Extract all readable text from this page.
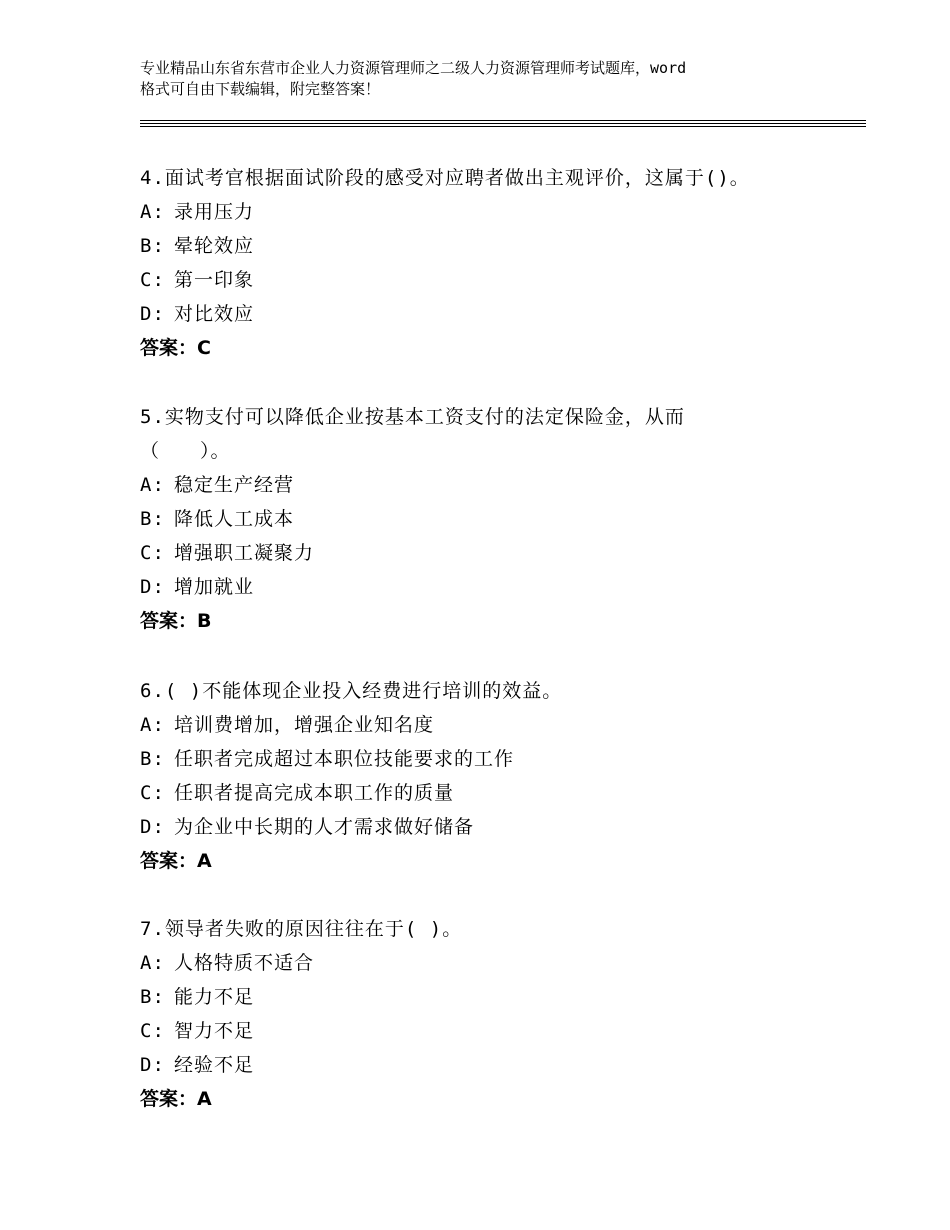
专业精品山东省东营市企业人力资源管理师之二级人力资源管理师考试题库，word
格式可自由下载编辑，附完整答案！
4.面试考官根据面试阶段的感受对应聘者做出主观评价，这属于()。
A: 录用压力
B: 晕轮效应
C: 第一印象
D: 对比效应
答案：C
5.实物支付可以降低企业按基本工资支付的法定保险金，从而
（　　）。
A: 稳定生产经营
B: 降低人工成本
C: 增强职工凝聚力
D: 增加就业
答案：B
6.( )不能体现企业投入经费进行培训的效益。
A: 培训费增加，增强企业知名度
B: 任职者完成超过本职位技能要求的工作
C: 任职者提高完成本职工作的质量
D: 为企业中长期的人才需求做好储备
答案：A
7.领导者失败的原因往往在于( )。
A: 人格特质不适合
B: 能力不足
C: 智力不足
D: 经验不足
答案：A
